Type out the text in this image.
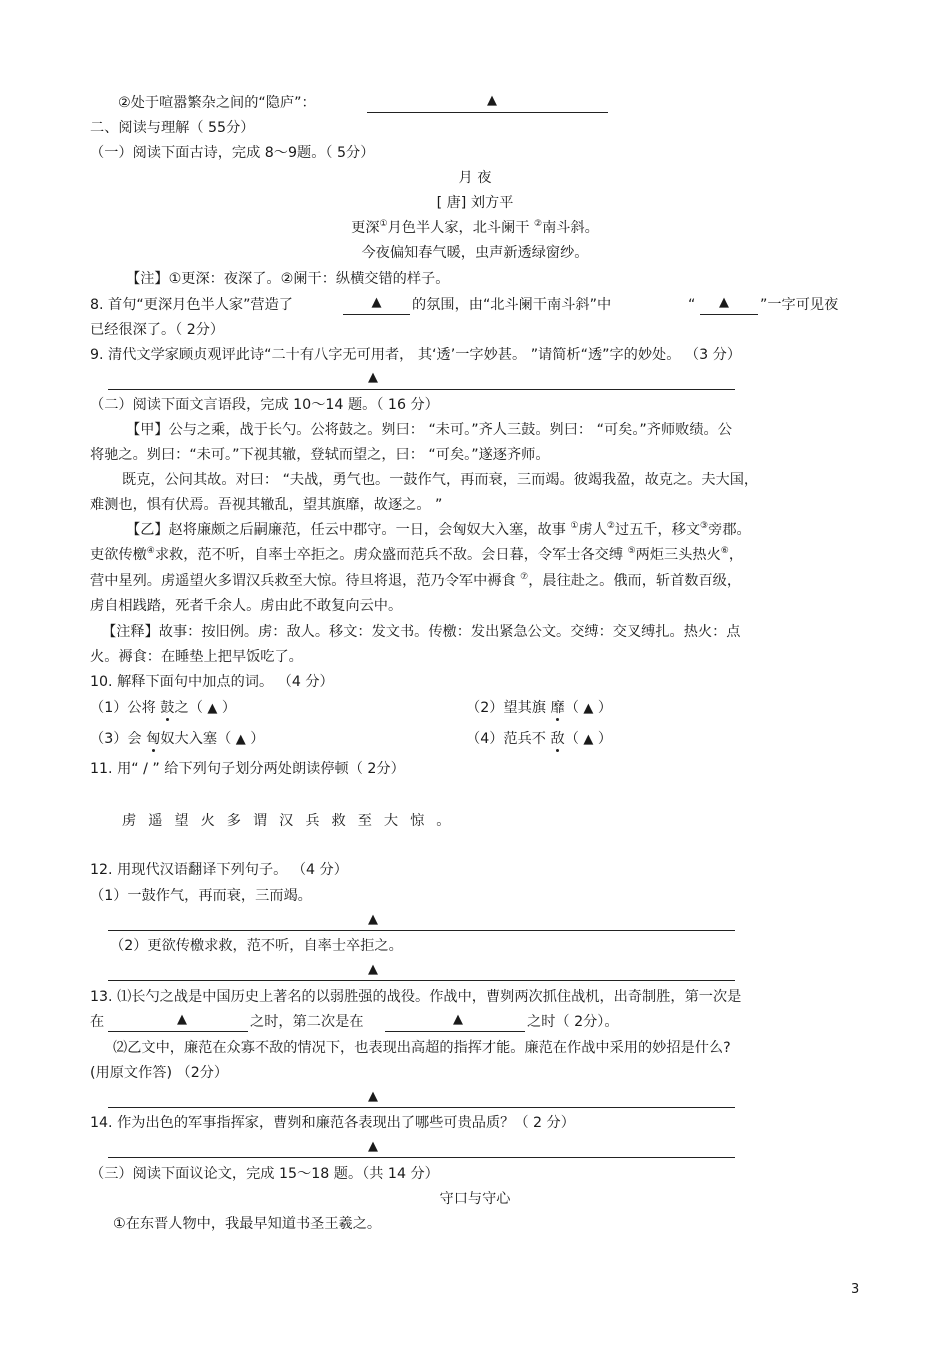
②处于喧嚣繁杂之间的“隐庐”：	▲
二、阅读与理解（ 55分）
（一）阅读下面古诗，完成 8～9题。（ 5分）
月 夜
[ 唐] 刘方平
更深①月色半人家，北斗阑干 ②南斗斜。
今夜偏知春气暖，虫声新透绿窗纱。
【注】①更深：夜深了。②阑干：纵横交错的样子。
8. 首句“更深月色半人家”营造了	▲	的氛围，由“北斗阑干南斗斜”中	“	▲	”一字可见夜
已经很深了。（ 2分）
9. 清代文学家顾贞观评此诗“二十有八字无可用者， 其‘透’一字妙甚。 ”请简析“透”字的妙处。 （3 分）
▲
（二）阅读下面文言语段，完成 10～14 题。（ 16 分）
【甲】公与之乘，战于长勺。公将鼓之。刿曰： “未可。”齐人三鼓。刿曰： “可矣。”齐师败绩。公
将驰之。刿曰：“未可。”下视其辙，登轼而望之，曰： “可矣。”遂逐齐师。
既克，公问其故。对曰： “夫战，勇气也。一鼓作气，再而衰，三而竭。彼竭我盈，故克之。夫大国，
难测也，惧有伏焉。吾视其辙乱，望其旗靡，故逐之。 ”
【乙】赵将廉颇之后嗣廉范，任云中郡守。一日，会匈奴大入塞，故事 ①虏人②过五千，移文③旁郡。
吏欲传檄④求救，范不听，自率士卒拒之。虏众盛而范兵不敌。会日暮，令军士各交缚 ⑤两炬三头热火⑥，
营中星列。虏遥望火多谓汉兵救至大惊。待旦将退，范乃令军中褥食 ⑦，晨往赴之。俄而，斩首数百级，
虏自相践踏，死者千余人。虏由此不敢复向云中。
【注释】故事：按旧例。虏：敌人。移文：发文书。传檄：发出紧急公文。交缚：交叉缚扎。热火：点
火。褥食：在睡垫上把早饭吃了。
10. 解释下面句中加点的词。 （4 分）
（1）公将 鼓之（ ▲ ）	（2）望其旗 靡（ ▲ ）
（3）会 匈奴大入塞（ ▲ ）	（4）范兵不 敌（ ▲ ）
11. 用“ / ” 给下列句子划分两处朗读停顿（ 2分）
虏遥望火多谓汉兵救至大惊。
12. 用现代汉语翻译下列句子。 （4 分）
（1）一鼓作气，再而衰，三而竭。
▲
（2）更欲传檄求救，范不听，自率士卒拒之。
▲
13. ⑴长勺之战是中国历史上著名的以弱胜强的战役。作战中，曹刿两次抓住战机，出奇制胜，第一次是
在	▲	之时，第二次是在	▲	之时（ 2分）。
⑵乙文中，廉范在众寡不敌的情况下，也表现出高超的指挥才能。廉范在作战中采用的妙招是什么?
(用原文作答) （2分）
▲
14. 作为出色的军事指挥家，曹刿和廉范各表现出了哪些可贵品质？（ 2 分）
▲
（三）阅读下面议论文，完成 15～18 题。（共 14 分）
守口与守心
①在东晋人物中，我最早知道书圣王羲之。
3
